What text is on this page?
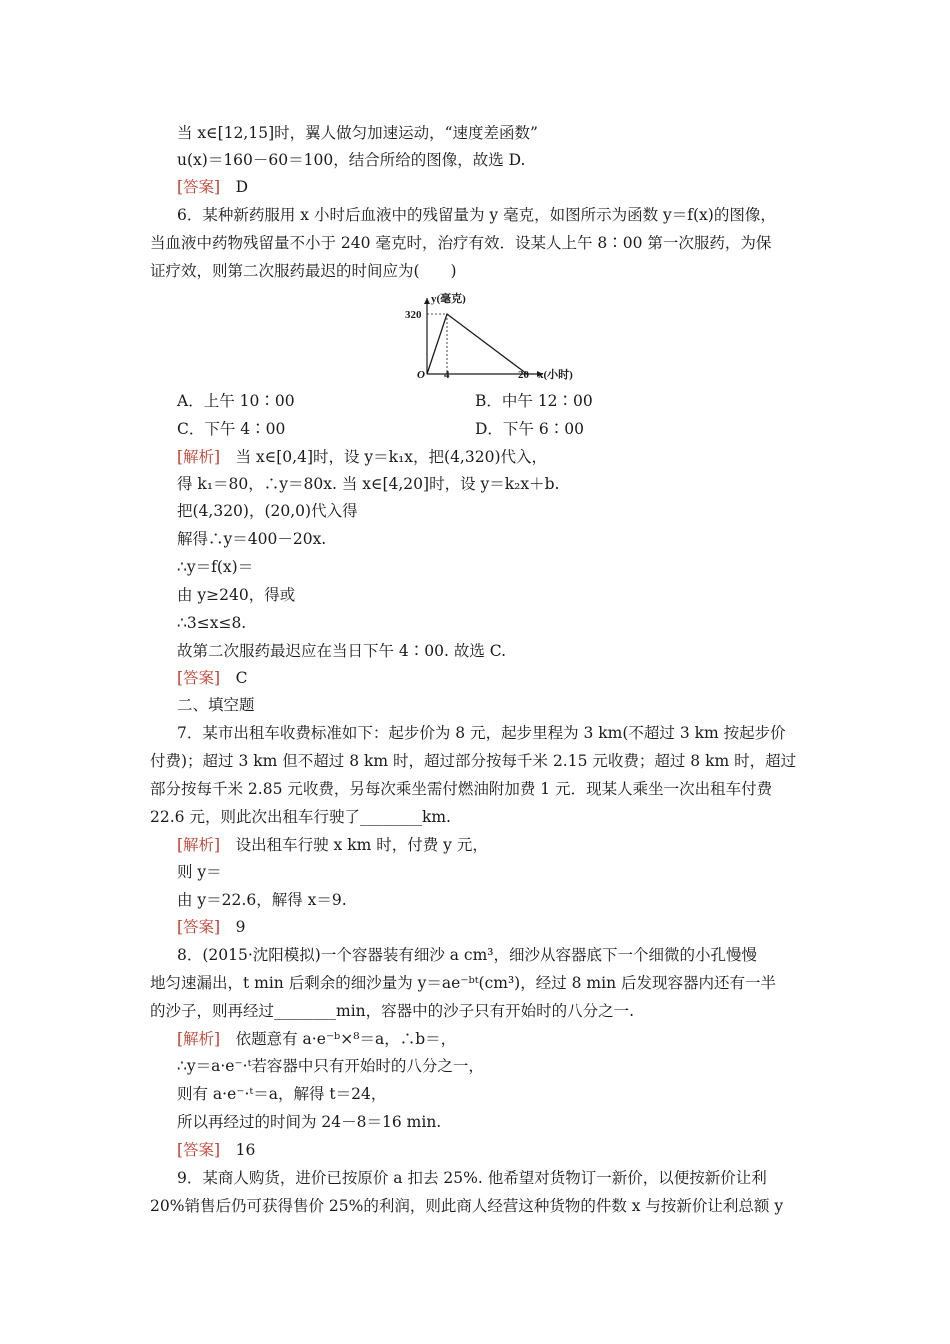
当 x∈[12,15]时，翼人做匀加速运动，“速度差函数”
u(x)＝160－60＝100，结合所给的图像，故选 D.
[答案]　 D
6．某种新药服用 x 小时后血液中的残留量为 y 毫克，如图所示为函数 y＝f(x)的图像，
当血液中药物残留量不小于 240 毫克时，治疗有效．设某人上午 8∶00 第一次服药，为保
证疗效，则第二次服药最迟的时间应为(　　)
y(毫克)
x(小时)
320
4	20
O
A．上午 10∶00	B．中午 12∶00
C．下午 4∶00	D．下午 6∶00
[解析]　当 x∈[0,4]时，设 y＝k₁x，把(4,320)代入，
得 k₁＝80，∴y＝80x. 当 x∈[4,20]时，设 y＝k₂x＋b.
把(4,320)，(20,0)代入得
解得∴y＝400－20x.
∴y＝f(x)＝
由 y≥240，得或
∴3≤x≤8.
故第二次服药最迟应在当日下午 4∶00. 故选 C.
[答案]　 C
二、填空题
7．某市出租车收费标准如下：起步价为 8 元，起步里程为 3 km(不超过 3 km 按起步价
付费)；超过 3 km 但不超过 8 km 时，超过部分按每千米 2.15 元收费；超过 8 km 时，超过
部分按每千米 2.85 元收费，另每次乘坐需付燃油附加费 1 元．现某人乘坐一次出租车付费
22.6 元，则此次出租车行驶了________km.
[解析]　设出租车行驶 x km 时，付费 y 元，
则 y＝
由 y＝22.6，解得 x＝9.
[答案]　 9
8．(2015·沈阳模拟)一个容器装有细沙 a cm³，细沙从容器底下一个细微的小孔慢慢
地匀速漏出，t min 后剩余的细沙量为 y＝ae⁻ᵇᵗ(cm³)，经过 8 min 后发现容器内还有一半
的沙子，则再经过________min，容器中的沙子只有开始时的八分之一.
[解析]　依题意有 a·e⁻ᵇ×⁸＝a，∴b＝，
∴y＝a·e⁻·ᵗ若容器中只有开始时的八分之一，
则有 a·e⁻·ᵗ＝a，解得 t＝24，
所以再经过的时间为 24－8＝16 min.
[答案]　 16
9．某商人购货，进价已按原价 a 扣去 25%. 他希望对货物订一新价，以便按新价让利
20%销售后仍可获得售价 25%的利润，则此商人经营这种货物的件数 x 与按新价让利总额 y
